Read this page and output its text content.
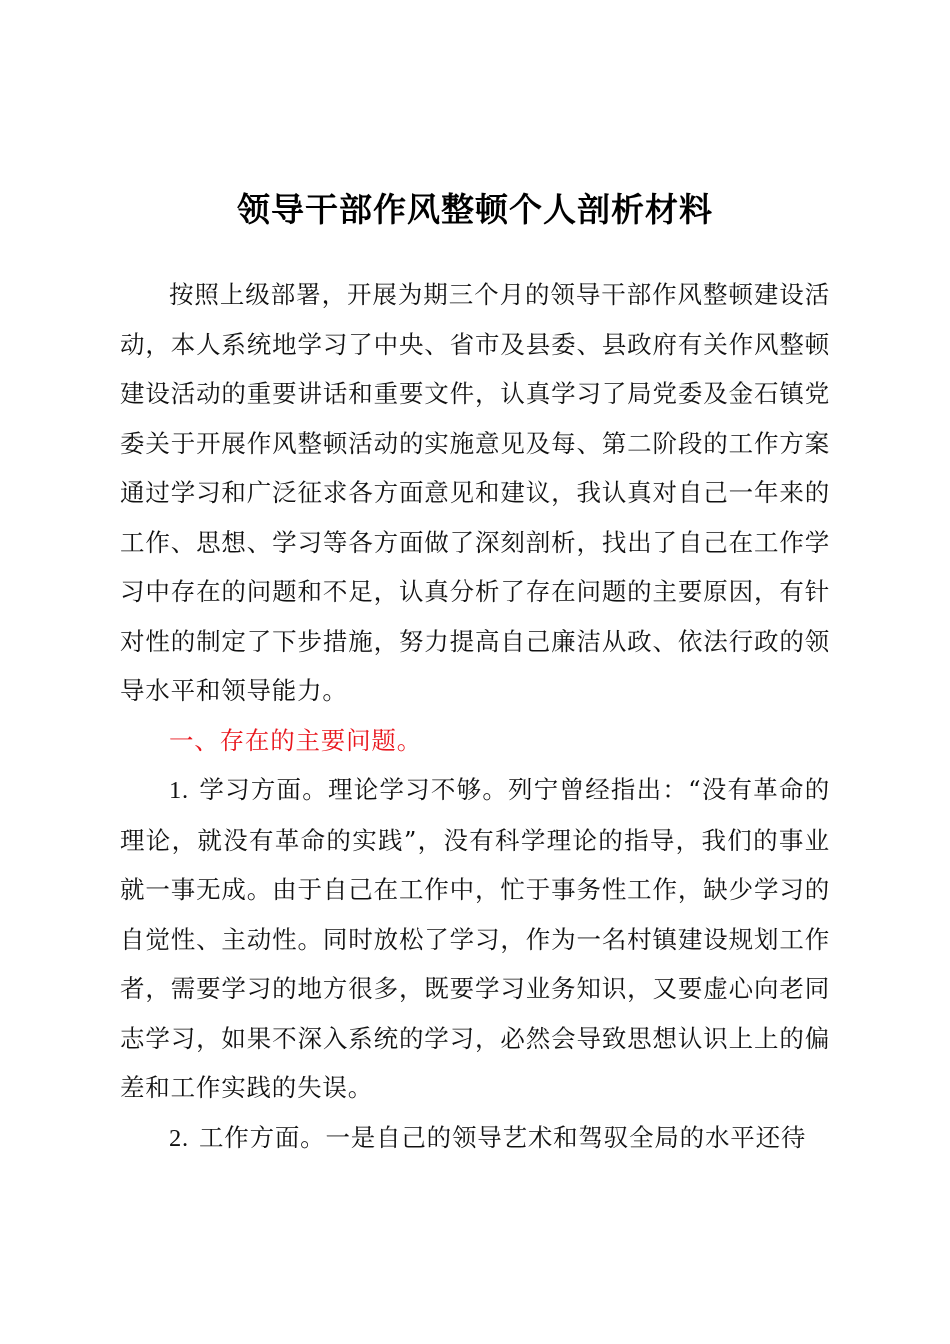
领导干部作风整顿个人剖析材料

按照上级部署，开展为期三个月的领导干部作风整顿建设活动，本人系统地学习了中央、省市及县委、县政府有关作风整顿建设活动的重要讲话和重要文件，认真学习了局党委及金石镇党委关于开展作风整顿活动的实施意见及每、第二阶段的工作方案通过学习和广泛征求各方面意见和建议，我认真对自己一年来的工作、思想、学习等各方面做了深刻剖析，找出了自己在工作学习中存在的问题和不足，认真分析了存在问题的主要原因，有针对性的制定了下步措施，努力提高自己廉洁从政、依法行政的领导水平和领导能力。

一、存在的主要问题。

1. 学习方面。理论学习不够。列宁曾经指出：“没有革命的理论，就没有革命的实践”，没有科学理论的指导，我们的事业就一事无成。由于自己在工作中，忙于事务性工作，缺少学习的自觉性、主动性。同时放松了学习，作为一名村镇建设规划工作者，需要学习的地方很多，既要学习业务知识，又要虚心向老同志学习，如果不深入系统的学习，必然会导致思想认识上上的偏差和工作实践的失误。

2. 工作方面。一是自己的领导艺术和驾驭全局的水平还待
